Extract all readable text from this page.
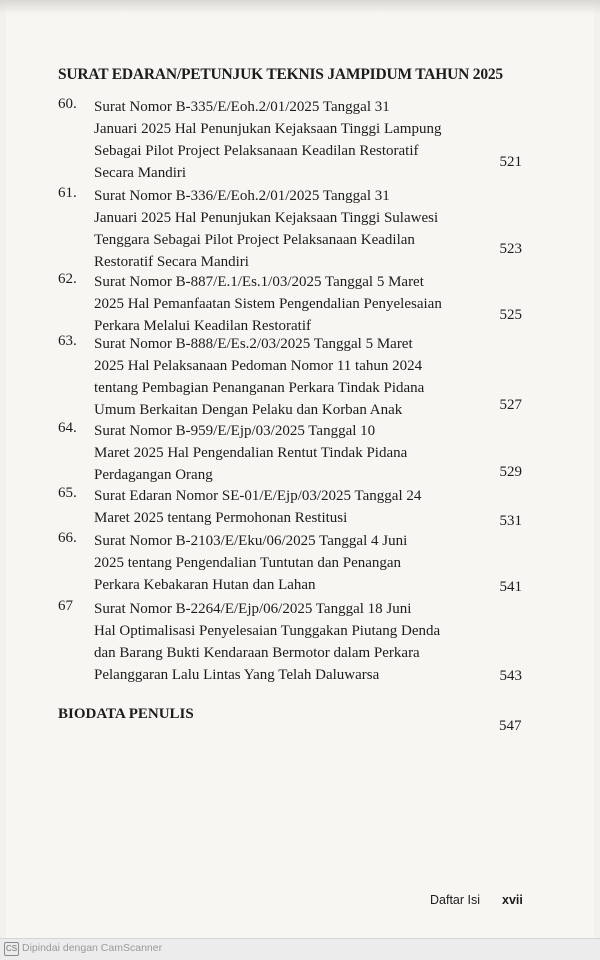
SURAT EDARAN/PETUNJUK TEKNIS JAMPIDUM TAHUN 2025
60. Surat Nomor B-335/E/Eoh.2/01/2025 Tanggal 31
Januari 2025 Hal Penunjukan Kejaksaan Tinggi Lampung
Sebagai Pilot Project Pelaksanaan Keadilan Restoratif
Secara Mandiri
521
61. Surat Nomor B-336/E/Eoh.2/01/2025 Tanggal 31
Januari 2025 Hal Penunjukan Kejaksaan Tinggi Sulawesi
Tenggara Sebagai Pilot Project Pelaksanaan Keadilan
Restoratif Secara Mandiri
523
62. Surat Nomor B-887/E.1/Es.1/03/2025 Tanggal 5 Maret
2025 Hal Pemanfaatan Sistem Pengendalian Penyelesaian
Perkara Melalui Keadilan Restoratif
525
63. Surat Nomor B-888/E/Es.2/03/2025 Tanggal 5 Maret
2025 Hal Pelaksanaan Pedoman Nomor 11 tahun 2024
tentang Pembagian Penanganan Perkara Tindak Pidana
Umum Berkaitan Dengan Pelaku dan Korban Anak	527
64. Surat Nomor B-959/E/Ejp/03/2025 Tanggal 10
Maret 2025 Hal Pengendalian Rentut Tindak Pidana
Perdagangan Orang	529
65. Surat Edaran Nomor SE-01/E/Ejp/03/2025 Tanggal 24
Maret 2025 tentang Permohonan Restitusi	531
66. Surat Nomor B-2103/E/Eku/06/2025 Tanggal 4 Juni
2025 tentang Pengendalian Tuntutan dan Penangan
Perkara Kebakaran Hutan dan Lahan	541
67 Surat Nomor B-2264/E/Ejp/06/2025 Tanggal 18 Juni
Hal Optimalisasi Penyelesaian Tunggakan Piutang Denda
dan Barang Bukti Kendaraan Bermotor dalam Perkara
Pelanggaran Lalu Lintas Yang Telah Daluwarsa	543
BIODATA PENULIS
547
Daftar Isi xvii
CS Dipindai dengan CamScanner
